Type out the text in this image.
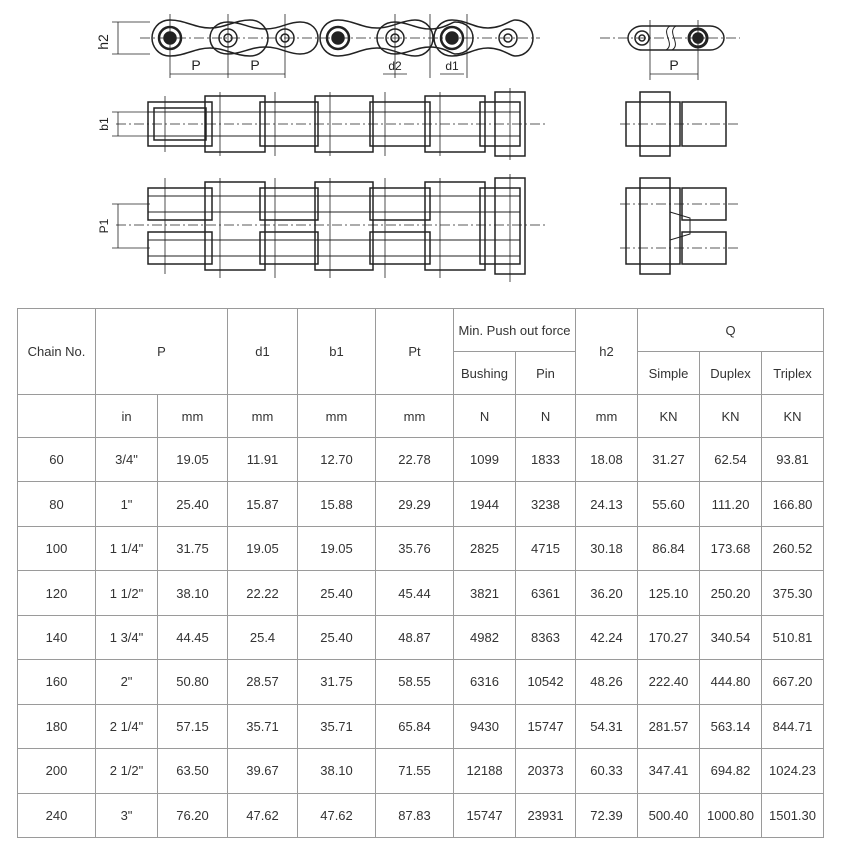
h2
P	P	d2	d1	P
b1
P1
Chain No.	P		d1	b1	Pt	Min. Push out force		h2	Q		
						Bushing	Pin		Simple	Duplex	Triplex
	in	mm	mm	mm	mm	N	N	mm	KN	KN	KN
60	3/4"	19.05	11.91	12.70	22.78	1099	1833	18.08	31.27	62.54	93.81
80	1"	25.40	15.87	15.88	29.29	1944	3238	24.13	55.60	111.20	166.80
100	1 1/4"	31.75	19.05	19.05	35.76	2825	4715	30.18	86.84	173.68	260.52
120	1 1/2"	38.10	22.22	25.40	45.44	3821	6361	36.20	125.10	250.20	375.30
140	1 3/4"	44.45	25.4	25.40	48.87	4982	8363	42.24	170.27	340.54	510.81
160	2"	50.80	28.57	31.75	58.55	6316	10542	48.26	222.40	444.80	667.20
180	2 1/4"	57.15	35.71	35.71	65.84	9430	15747	54.31	281.57	563.14	844.71
200	2 1/2"	63.50	39.67	38.10	71.55	12188	20373	60.33	347.41	694.82	1024.23
240	3"	76.20	47.62	47.62	87.83	15747	23931	72.39	500.40	1000.80	1501.30
